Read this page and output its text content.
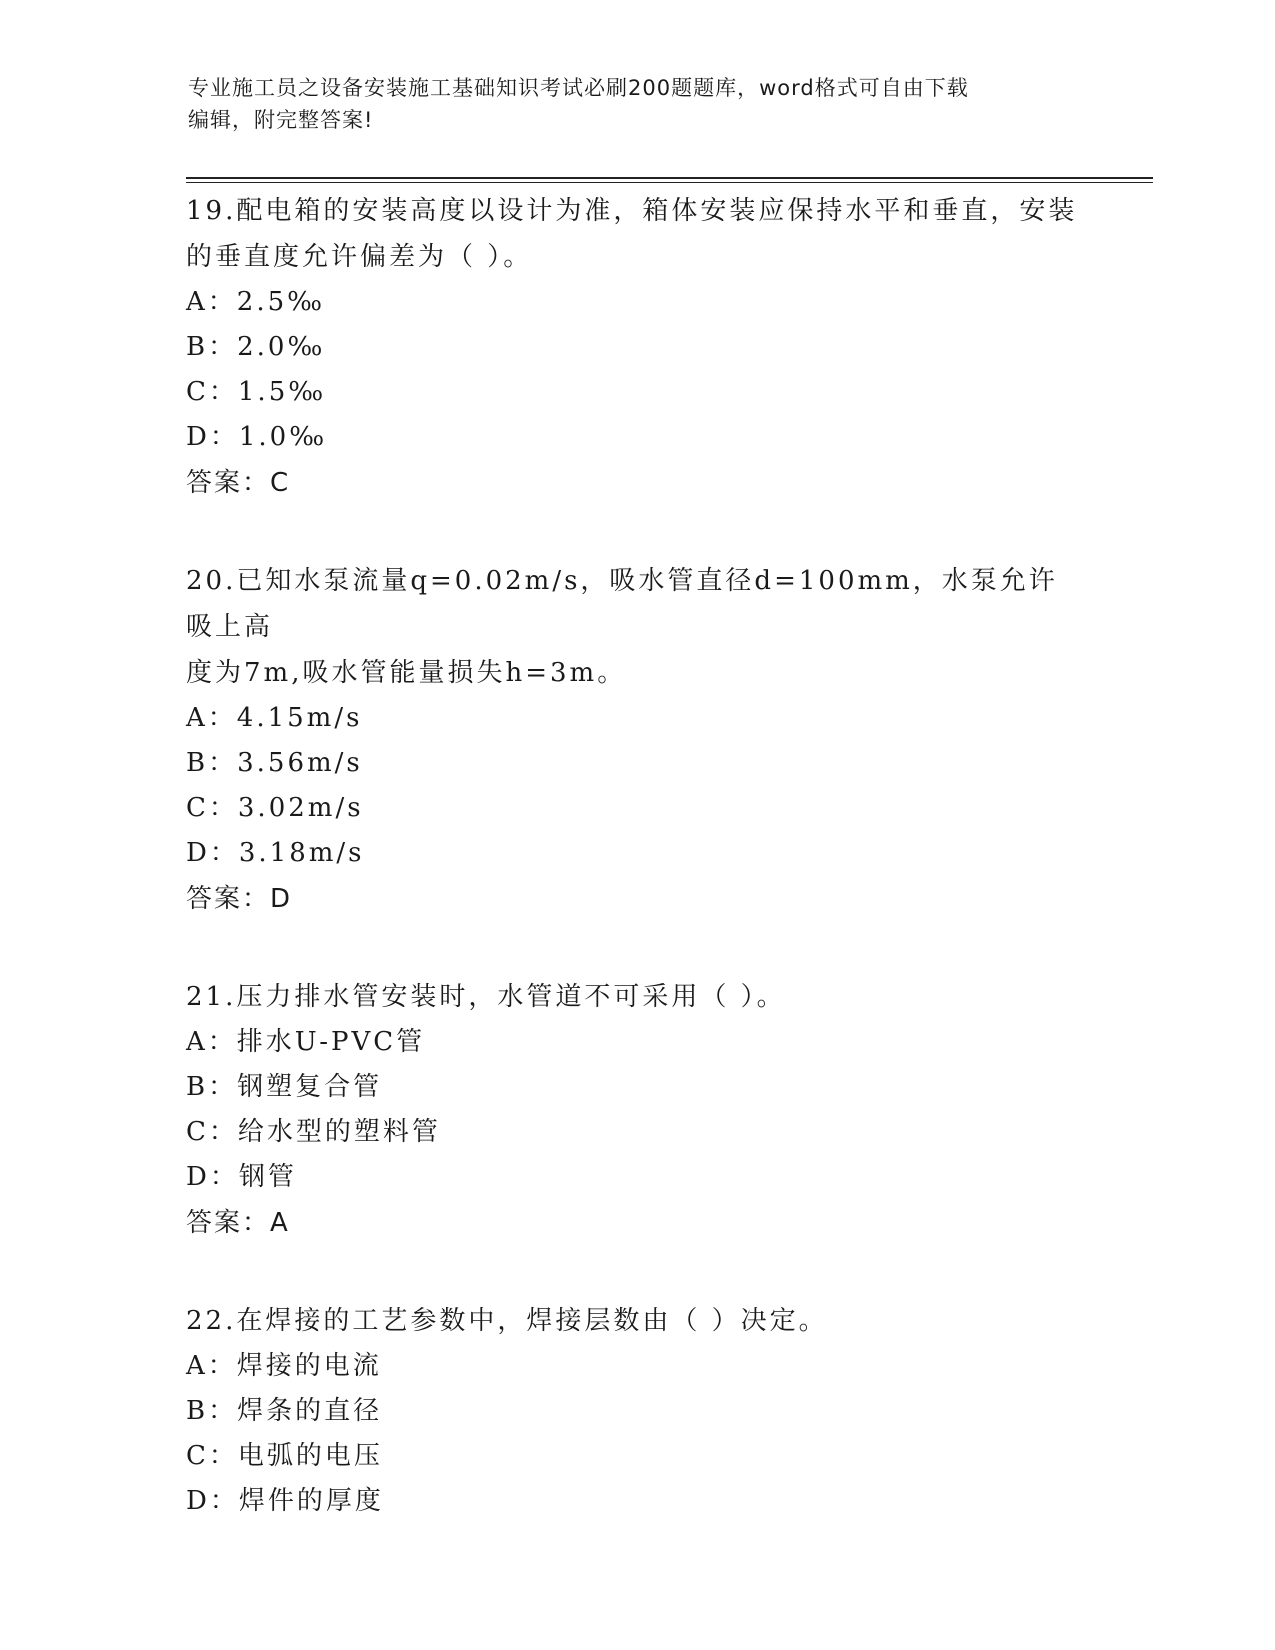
专业施工员之设备安装施工基础知识考试必刷200题题库，word格式可自由下载
编辑，附完整答案!
19.配电箱的安装高度以设计为准，箱体安装应保持水平和垂直，安装
的垂直度允许偏差为（ ）。
A：2.5‰
B：2.0‰
C：1.5‰
D：1.0‰
答案：C
20.已知水泵流量q=0.02m/s，吸水管直径d=100mm，水泵允许吸上高
度为7m,吸水管能量损失h=3m。
A：4.15m/s
B：3.56m/s
C：3.02m/s
D：3.18m/s
答案：D
21.压力排水管安装时，水管道不可采用（ ）。
A：排水U-PVC管
B：钢塑复合管
C：给水型的塑料管
D：钢管
答案：A
22.在焊接的工艺参数中，焊接层数由（ ）决定。
A：焊接的电流
B：焊条的直径
C：电弧的电压
D：焊件的厚度
